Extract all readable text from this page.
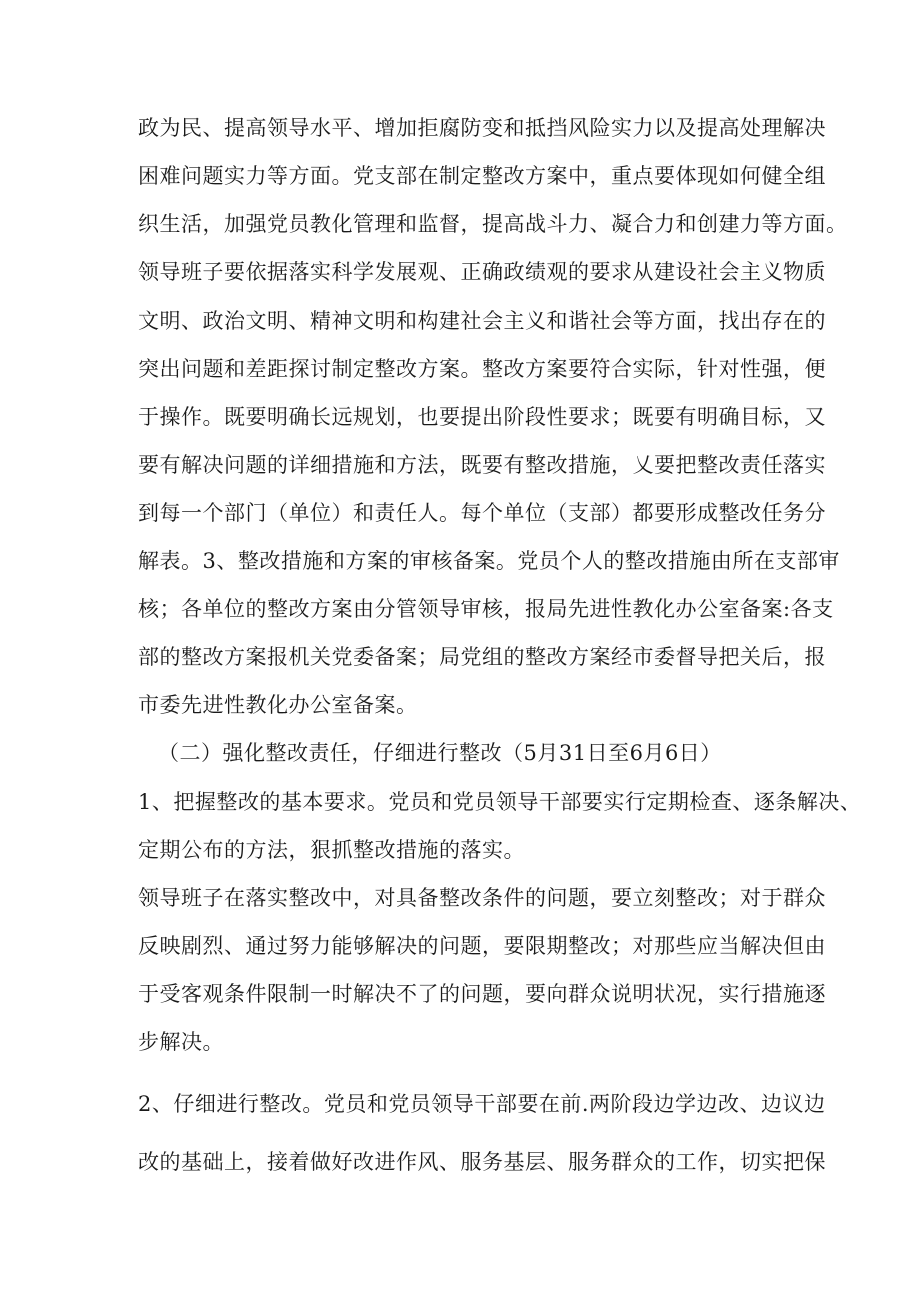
政为民、提高领导水平、增加拒腐防变和抵挡风险实力以及提高处理解决
困难问题实力等方面。党支部在制定整改方案中，重点要体现如何健全组
织生活，加强党员教化管理和监督，提高战斗力、凝合力和创建力等方面。
领导班子要依据落实科学发展观、正确政绩观的要求从建设社会主义物质
文明、政治文明、精神文明和构建社会主义和谐社会等方面，找出存在的
突出问题和差距探讨制定整改方案。整改方案要符合实际，针对性强，便
于操作。既要明确长远规划，也要提出阶段性要求；既要有明确目标，又
要有解决问题的详细措施和方法，既要有整改措施，乂要把整改责任落实
到每一个部门（单位）和责任人。每个单位（支部）都要形成整改任务分
解表。3、整改措施和方案的审核备案。党员个人的整改措施由所在支部审
核；各单位的整改方案由分管领导审核，报局先进性教化办公室备案:各支
部的整改方案报机关党委备案；局党组的整改方案经市委督导把关后，报
市委先进性教化办公室备案。
（二）强化整改责任，仔细进行整改（5月31日至6月6日）
1、把握整改的基本要求。党员和党员领导干部要实行定期检查、逐条解决、
定期公布的方法，狠抓整改措施的落实。
领导班子在落实整改中，对具备整改条件的问题，要立刻整改；对于群众
反映剧烈、通过努力能够解决的问题，要限期整改；对那些应当解决但由
于受客观条件限制一时解决不了的问题，要向群众说明状况，实行措施逐
步解决。
2、仔细进行整改。党员和党员领导干部要在前.两阶段边学边改、边议边
改的基础上，接着做好改进作风、服务基层、服务群众的工作，切实把保
